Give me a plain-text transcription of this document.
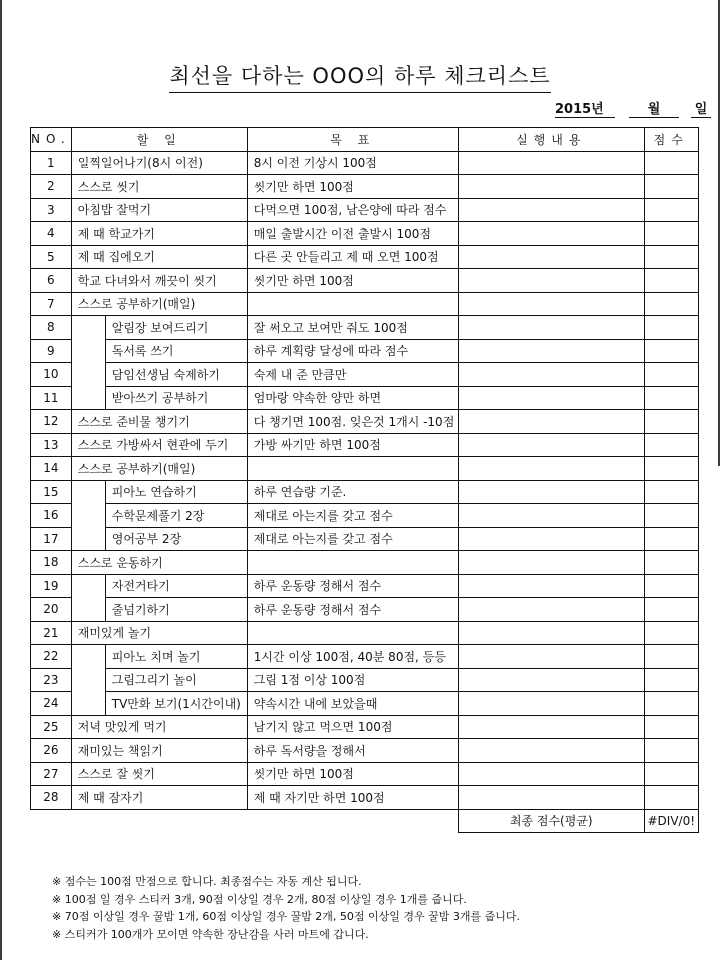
최선을 다하는 OOO의 하루 체크리스트
2015년	월	일
NO.	할 일		목 표	실행내용	점수
1	일찍일어나기(8시 이전)		8시 이전 기상시 100점		
2	스스로 씻기		씻기만 하면 100점		
3	아침밥 잘먹기		다먹으면 100점, 남은양에 따라 점수		
4	제 때 학교가기		매일 출발시간 이전 출발시 100점		
5	제 때 집에오기		다른 곳 안들리고 제 때 오면 100점		
6	학교 다녀와서 깨끗이 씻기		씻기만 하면 100점		
7	스스로 공부하기(매일)				
8		알림장 보여드리기	잘 써오고 보여만 줘도 100점		
9		독서록 쓰기	하루 계획량 달성에 따라 점수		
10		담임선생님 숙제하기	숙제 내 준 만큼만		
11		받아쓰기 공부하기	엄마랑 약속한 양만 하면		
12	스스로 준비물 챙기기		다 챙기면 100점. 잊은것 1개시 -10점		
13	스스로 가방싸서 현관에 두기		가방 싸기만 하면 100점		
14	스스로 공부하기(매일)				
15		피아노 연습하기	하루 연습량 기준.		
16		수학문제풀기 2장	제대로 아는지를 갖고 점수		
17		영어공부 2장	제대로 아는지를 갖고 점수		
18	스스로 운동하기				
19		자전거타기	하루 운동량 정해서 점수		
20		줄넘기하기	하루 운동량 정해서 점수		
21	재미있게 놀기				
22		피아노 치며 놀기	1시간 이상 100점, 40분 80점, 등등		
23		그림그리기 놀이	그림 1점 이상 100점		
24		TV만화 보기(1시간이내)	약속시간 내에 보았을때		
25	저녁 맛있게 먹기		남기지 않고 먹으면 100점		
26	재미있는 책읽기		하루 독서량을 정해서		
27	스스로 잘 씻기		씻기만 하면 100점		
28	제 때 잠자기		제 때 자기만 하면 100점		
				최종 점수(평균)	#DIV/0!
※ 점수는 100점 만점으로 합니다. 최종점수는 자동 계산 됩니다.
※ 100점 일 경우 스티커 3개, 90점 이상일 경우 2개, 80점 이상일 경우 1개를 줍니다.
※ 70점 이상일 경우 꿀밤 1개, 60점 이상일 경우 꿀밤 2개, 50점 이상일 경우 꿀밤 3개를 줍니다.
※ 스티커가 100개가 모이면 약속한 장난감을 사러 마트에 갑니다.
